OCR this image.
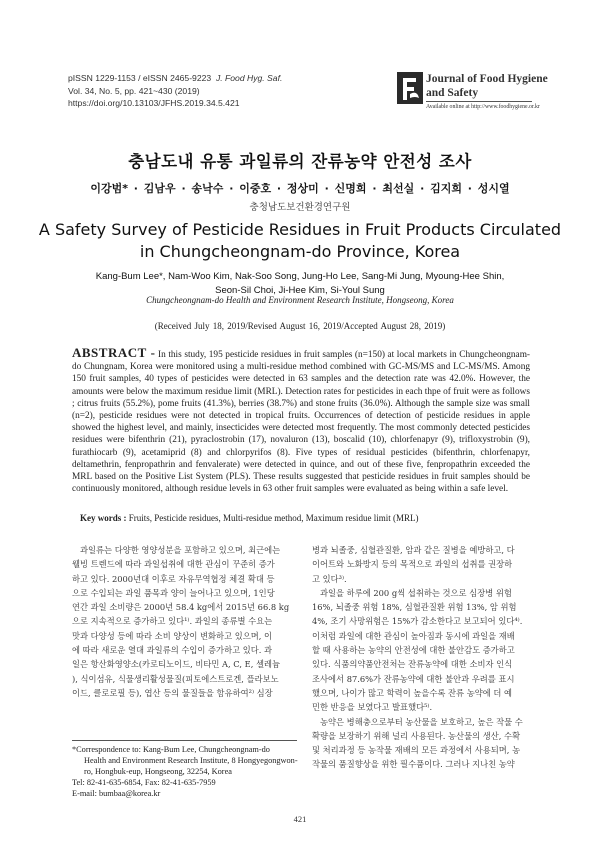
pISSN 1229-1153 / eISSN 2465-9223 J. Food Hyg. Saf.
Vol. 34, No. 5, pp. 421~430 (2019)
https://doi.org/10.13103/JFHS.2019.34.5.421
Journal of Food Hygiene
and Safety
Available online at http://www.foodhygiene.or.kr
충남도내 유통 과일류의 잔류농약 안전성 조사
이강범* · 김남우 · 송낙수 · 이중호 · 정상미 · 신명희 · 최선실 · 김지희 · 성시열
충청남도보건환경연구원
A Safety Survey of Pesticide Residues in Fruit Products Circulated
in Chungcheongnam-do Province, Korea
Kang-Bum Lee*, Nam-Woo Kim, Nak-Soo Song, Jung-Ho Lee, Sang-Mi Jung, Myoung-Hee Shin,
Seon-Sil Choi, Ji-Hee Kim, Si-Youl Sung
Chungcheongnam-do Health and Environment Research Institute, Hongseong, Korea
(Received July 18, 2019/Revised August 16, 2019/Accepted August 28, 2019)
ABSTRACT - In this study, 195 pesticide residues in fruit samples (n=150) at local markets in Chungcheongnam-do Chungnam, Korea were monitored using a multi-residue method combined with GC-MS/MS and LC-MS/MS. Among 150 fruit samples, 40 types of pesticides were detected in 63 samples and the detection rate was 42.0%. However, the amounts were below the maximum residue limit (MRL). Detection rates for pesticides in each thpe of fruit were as follows ; citrus fruits (55.2%), pome fruits (41.3%), berries (38.7%) and stone fruits (36.0%). Although the sample size was small (n=2), pesticide residues were not detected in tropical fruits. Occurrences of detection of pesticide residues in apple showed the highest level, and mainly, insecticides were detected most frequently. The most commonly detected pesticides residues were bifenthrin (21), pyraclostrobin (17), novaluron (13), boscalid (10), chlorfenapyr (9), trifloxystrobin (9), furathiocarb (9), acetamiprid (8) and chlorpyrifos (8). Five types of residual pesticides (bifenthrin, chlorfenapyr, deltamethrin, fenpropathrin and fenvalerate) were detected in quince, and out of these five, fenpropathrin exceeded the MRL based on the Positive List System (PLS). These results suggested that pesticide residues in fruit samples should be continuously monitored, although residue levels in 63 other fruit samples were evaluated as being within a safe level.
Key words : Fruits, Pesticide residues, Multi-residue method, Maximum residue limit (MRL)
과일류는 다양한 영양성분을 포함하고 있으며, 최근에는
웰빙 트렌드에 따라 과일섭취에 대한 관심이 꾸준히 증가
하고 있다. 2000년대 이후로 자유무역협정 체결 확대 등
으로 수입되는 과일 품목과 양이 늘어나고 있으며, 1인당
연간 과일 소비량은 2000년 58.4 kg에서 2015년 66.8 kg
으로 지속적으로 증가하고 있다¹⁾. 과일의 종류별 수요는
맛과 다양성 등에 따라 소비 양상이 변화하고 있으며, 이
에 따라 새로운 열대 과일류의 수입이 증가하고 있다. 과
일은 항산화영양소(카로티노이드, 비타민 A, C, E, 셀레늄
), 식이섬유, 식물생리활성물질(피토에스트로겐, 플라보노
이드, 클로로필 등), 엽산 등의 물질들을 함유하여²⁾ 심장
병과 뇌졸중, 심혈관질환, 암과 같은 질병을 예방하고, 다
이어트와 노화방지 등의 목적으로 과일의 섭취를 권장하
고 있다³⁾.
과일을 하루에 200 g씩 섭취하는 것으로 심장병 위험
16%, 뇌졸중 위험 18%, 심혈관질환 위험 13%, 암 위험
4%, 조기 사망위험은 15%가 감소한다고 보고되어 있다⁴⁾.
이처럼 과일에 대한 관심이 높아짐과 동시에 과일을 재배
할 때 사용하는 농약의 안전성에 대한 불안감도 증가하고
있다. 식품의약품안전처는 잔류농약에 대한 소비자 인식
조사에서 87.6%가 잔류농약에 대한 불안과 우려를 표시
했으며, 나이가 많고 학력이 높을수록 잔류 농약에 더 예
민한 반응을 보였다고 발표했다⁵⁾.
농약은 병해충으로부터 농산물을 보호하고, 높은 작물 수
확량을 보장하기 위해 널리 사용된다. 농산물의 생산, 수확
및 처리과정 등 농작물 재배의 모든 과정에서 사용되며, 농
작물의 품질향상을 위한 필수품이다. 그러나 지나친 농약
*Correspondence to: Kang-Bum Lee, Chungcheongnam-do
Health and Environment Research Institute, 8 Hongyegongwon-
ro, Hongbuk-eup, Hongseong, 32254, Korea
Tel: 82-41-635-6854, Fax: 82-41-635-7959
E-mail: bumbaa@korea.kr
421
